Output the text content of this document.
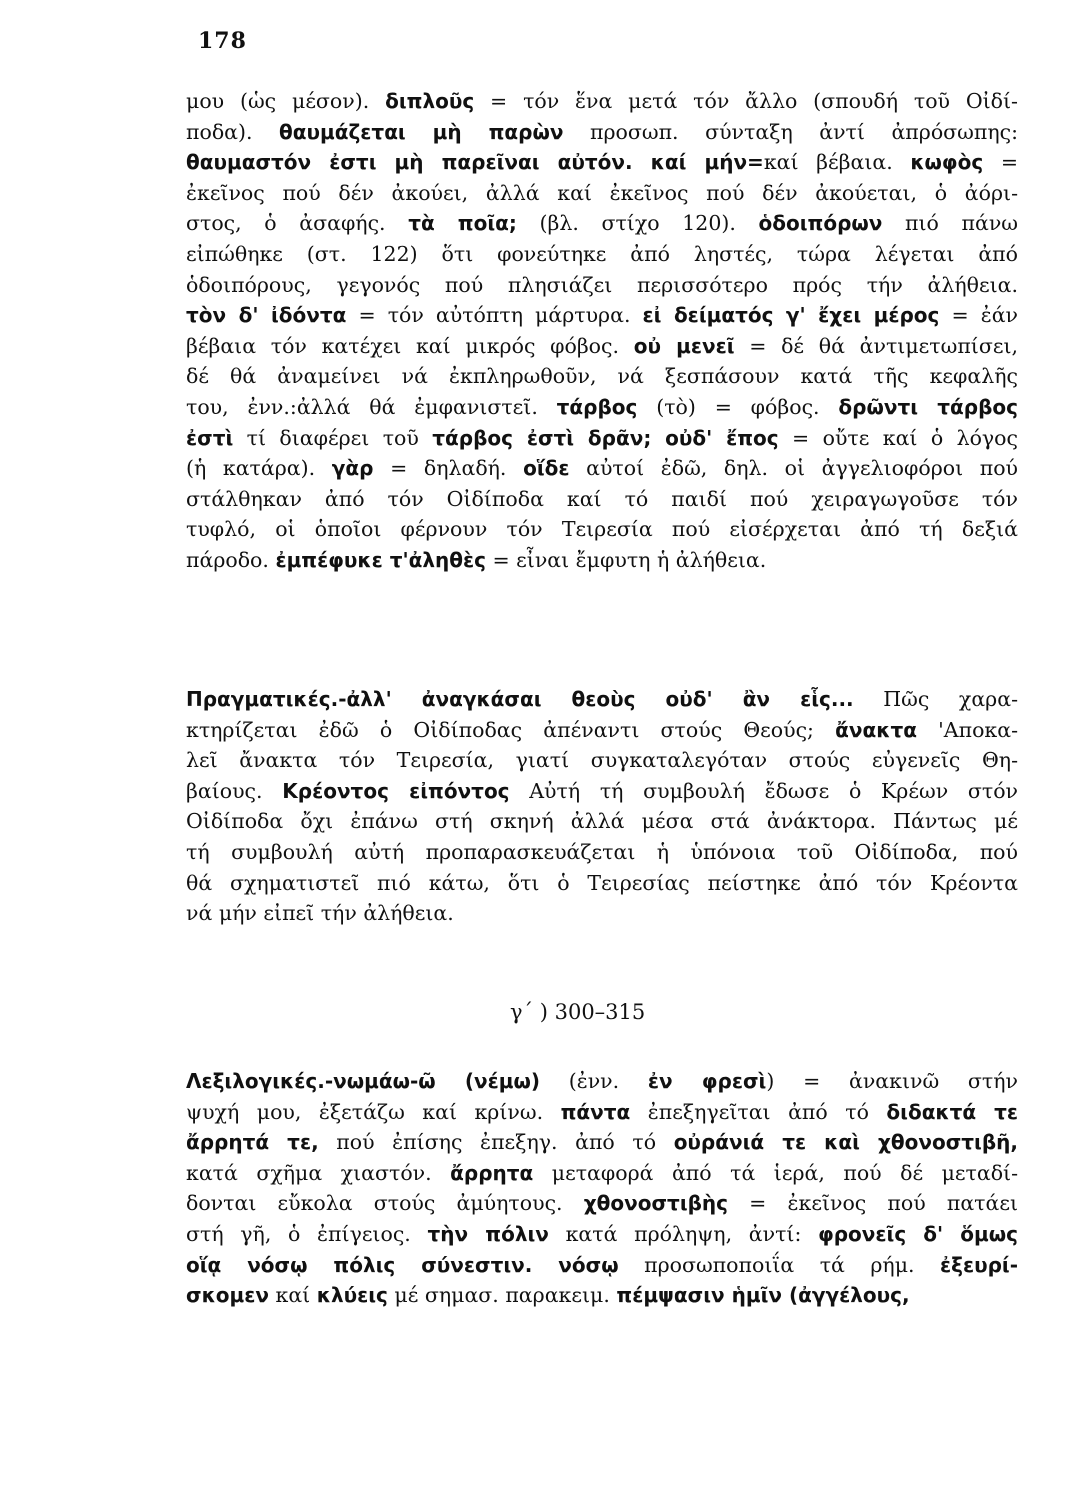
178
μου (ὡς μέσον). διπλοῦς = τόν ἕνα μετά τόν ἄλλο (σπουδή τοῦ Οἰδί-
ποδα). θαυμάζεται μὴ παρὼν προσωπ. σύνταξη ἀντί ἀπρόσωπης:
θαυμαστόν ἐστι μὴ παρεῖναι αὐτόν. καί μήν=καί βέβαια. κωφὸς =
ἐκεῖνος πού δέν ἀκούει, ἀλλά καί ἐκεῖνος πού δέν ἀκούεται, ὁ ἀόρι-
στος, ὁ ἀσαφής. τὰ ποῖα; (βλ. στίχο 120). ὁδοιπόρων πιό πάνω
εἰπώθηκε (στ. 122) ὅτι φονεύτηκε ἀπό ληστές, τώρα λέγεται ἀπό
ὁδοιπόρους, γεγονός πού πλησιάζει περισσότερο πρός τήν ἀλήθεια.
τὸν δ' ἰδόντα = τόν αὐτόπτη μάρτυρα. εἰ δείματός γ' ἔχει μέρος = ἐάν
βέβαια τόν κατέχει καί μικρός φόβος. οὐ μενεῖ = δέ θά ἀντιμετωπίσει,
δέ θά ἀναμείνει νά ἐκπληρωθοῦν, νά ξεσπάσουν κατά τῆς κεφαλῆς
του, ἐνν.:ἀλλά θά ἐμφανιστεῖ. τάρβος (τὸ) = φόβος. δρῶντι τάρβος
ἐστὶ τί διαφέρει τοῦ τάρβος ἐστὶ δρᾶν; οὐδ' ἔπος = οὔτε καί ὁ λόγος
(ἡ κατάρα). γὰρ = δηλαδή. οἵδε αὐτοί ἐδῶ, δηλ. οἱ ἀγγελιοφόροι πού
στάλθηκαν ἀπό τόν Οἰδίποδα καί τό παιδί πού χειραγωγοῦσε τόν
τυφλό, οἱ ὁποῖοι φέρνουν τόν Τειρεσία πού εἰσέρχεται ἀπό τή δεξιά
πάροδο. ἐμπέφυκε τ'ἀληθὲς = εἶναι ἔμφυτη ἡ ἀλήθεια.
Πραγματικές.-ἀλλ' ἀναγκάσαι θεοὺς οὐδ' ἂν εἷς... Πῶς χαρα-
κτηρίζεται ἐδῶ ὁ Οἰδίποδας ἀπέναντι στούς Θεούς; ἄνακτα 'Αποκα-
λεῖ ἄνακτα τόν Τειρεσία, γιατί συγκαταλεγόταν στούς εὐγενεῖς Θη-
βαίους. Κρέοντος εἰπόντος Αὐτή τή συμβουλή ἔδωσε ὁ Κρέων στόν
Οἰδίποδα ὄχι ἐπάνω στή σκηνή ἀλλά μέσα στά ἀνάκτορα. Πάντως μέ
τή συμβουλή αὐτή προπαρασκευάζεται ἡ ὑπόνοια τοῦ Οἰδίποδα, πού
θά σχηματιστεῖ πιό κάτω, ὅτι ὁ Τειρεσίας πείστηκε ἀπό τόν Κρέοντα
νά μήν εἰπεῖ τήν ἀλήθεια.
γ΄ ) 300–315
Λεξιλογικές.-νωμάω-ῶ (νέμω) (ἐνν. ἐν φρεσὶ) = ἀνακινῶ στήν
ψυχή μου, ἐξετάζω καί κρίνω. πάντα ἐπεξηγεῖται ἀπό τό διδακτά τε
ἄρρητά τε, πού ἐπίσης ἐπεξηγ. ἀπό τό οὐράνιά τε καὶ χθονοστιβῆ,
κατά σχῆμα χιαστόν. ἄρρητα μεταφορά ἀπό τά ἱερά, πού δέ μεταδί-
δονται εὔκολα στούς ἀμύητους. χθονοστιβὴς = ἐκεῖνος πού πατάει
στή γῆ, ὁ ἐπίγειος. τὴν πόλιν κατά πρόληψη, ἀντί: φρονεῖς δ' ὅμως
οἵᾳ νόσῳ πόλις σύνεστιν. νόσῳ προσωποποιΐα τά ρήμ. ἐξευρί-
σκομεν καί κλύεις μέ σημασ. παρακειμ. πέμψασιν ἡμῖν (ἀγγέλους,
